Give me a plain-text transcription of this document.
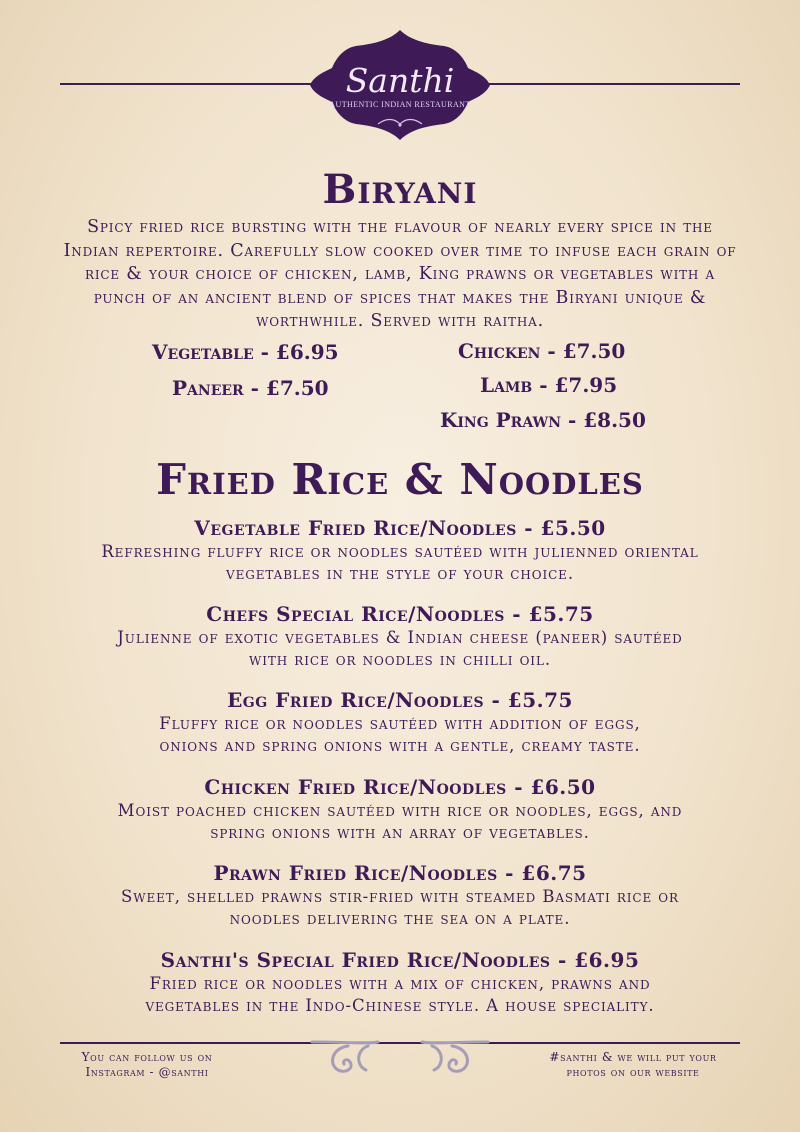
Santhi
AUTHENTIC INDIAN RESTAURANT
Biryani

Spicy fried rice bursting with the flavour of nearly every spice in the Indian repertoire. Carefully slow cooked over time to infuse each grain of rice & your choice of chicken, lamb, King prawns or vegetables with a punch of an ancient blend of spices that makes the Biryani unique & worthwhile. Served with raitha.

Vegetable - £6.95
Paneer - £7.50
Chicken - £7.50
Lamb - £7.95
King Prawn - £8.50
Fried Rice & Noodles
Vegetable Fried Rice/Noodles - £5.50
Refreshing fluffy rice or noodles sautéed with julienned oriental vegetables in the style of your choice.
Chefs Special Rice/Noodles - £5.75
Julienne of exotic vegetables & Indian cheese (paneer) sautéed with rice or noodles in chilli oil.
Egg Fried Rice/Noodles - £5.75
Fluffy rice or noodles sautéed with addition of eggs, onions and spring onions with a gentle, creamy taste.
Chicken Fried Rice/Noodles - £6.50
Moist poached chicken sautéed with rice or noodles, eggs, and spring onions with an array of vegetables.
Prawn Fried Rice/Noodles - £6.75
Sweet, shelled prawns stir-fried with steamed Basmati rice or noodles delivering the sea on a plate.
Santhi's Special Fried Rice/Noodles - £6.95
Fried rice or noodles with a mix of chicken, prawns and vegetables in the Indo-Chinese style. A house speciality.
You can follow us on Instagram - @santhi
#santhi & we will put your photos on our website
